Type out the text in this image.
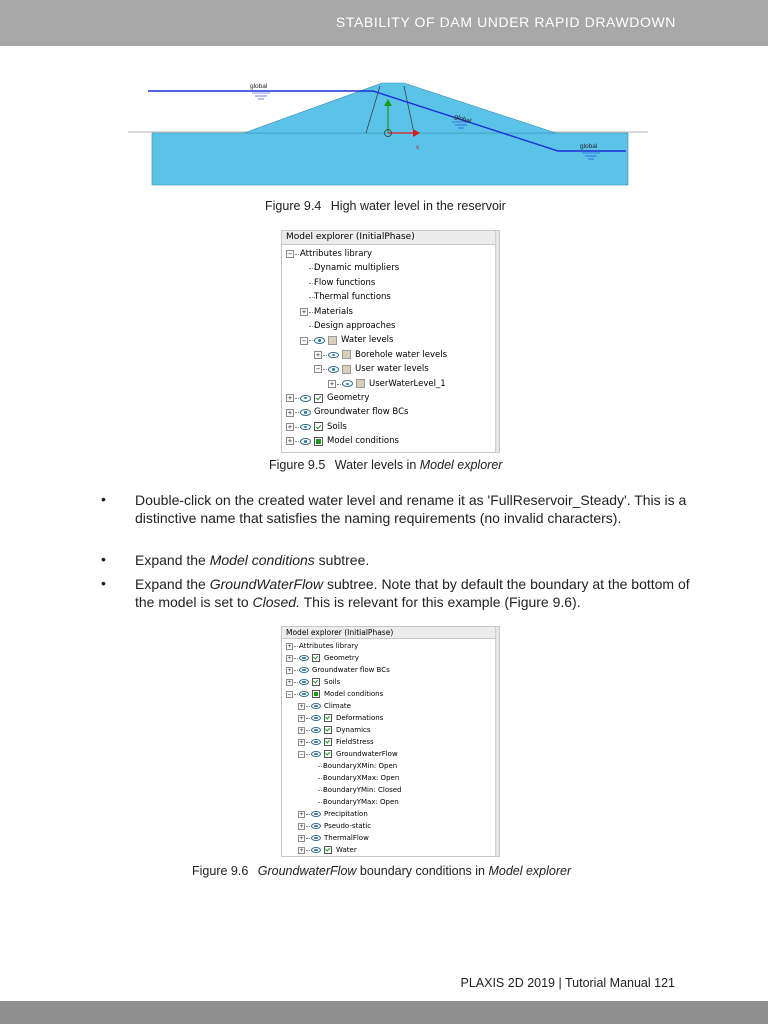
STABILITY OF DAM UNDER RAPID DRAWDOWN
global
global
global
x
Figure 9.4 High water level in the reservoir
Model explorer (InitialPhase)
− Attributes library
Dynamic multipliers
Flow functions
Thermal functions
+ Materials
Design approaches
−	Water levels
+	Borehole water levels
−	User water levels
+	UserWaterLevel_1
+	Geometry
+	Groundwater flow BCs
+	Soils
+	Model conditions
Figure 9.5 Water levels in Model explorer
• Double-click on the created water level and rename it as 'FullReservoir_Steady'. This is a distinctive name that satisfies the naming requirements (no invalid characters).
• Expand the Model conditions subtree.
• Expand the GroundWaterFlow subtree. Note that by default the boundary at the bottom of the model is set to Closed. This is relevant for this example (Figure 9.6).
Model explorer (InitialPhase)
+ Attributes library
+	Geometry
+	Groundwater flow BCs
+	Soils
−	Model conditions
+	Climate
+	Deformations
+	Dynamics
+	FieldStress
−	GroundwaterFlow
BoundaryXMin: Open
BoundaryXMax: Open
BoundaryYMin: Closed
BoundaryYMax: Open
+	Precipitation
+	Pseudo-static
+	ThermalFlow
+	Water
Figure 9.6 GroundwaterFlow boundary conditions in Model explorer
PLAXIS 2D 2019 | Tutorial Manual 121
